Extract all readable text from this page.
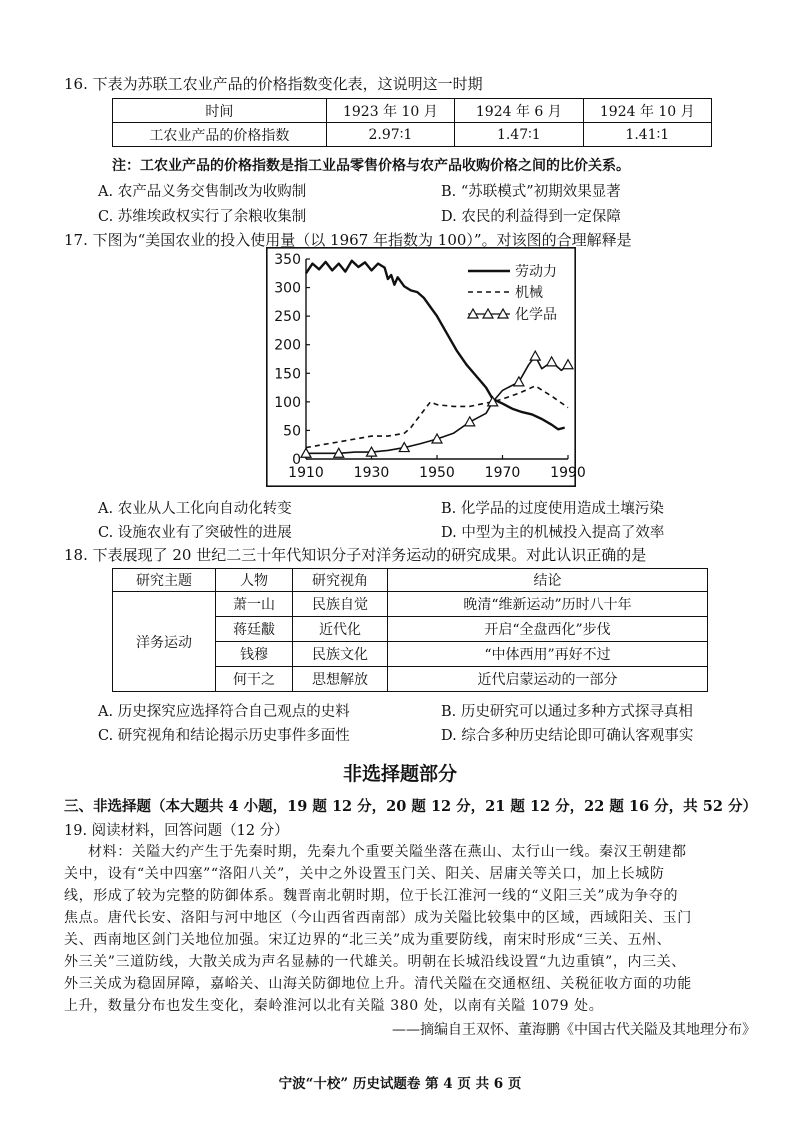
16. 下表为苏联工农业产品的价格指数变化表，这说明这一时期
时间	1923 年 10 月	1924 年 6 月	1924 年 10 月
工农业产品的价格指数	2.97∶1	1.47∶1	1.41∶1
注：工农业产品的价格指数是指工业品零售价格与农产品收购价格之间的比价关系。
A. 农产品义务交售制改为收购制	B. “苏联模式”初期效果显著
C. 苏维埃政权实行了余粮收集制	D. 农民的利益得到一定保障
17. 下图为“美国农业的投入使用量（以 1967 年指数为 100）”。对该图的合理解释是
0
50
100
150
200
250
300
350
1910 1930 1950 1970 1990
劳动力
机械
化学品
A. 农业从人工化向自动化转变	B. 化学品的过度使用造成土壤污染
C. 设施农业有了突破性的进展	D. 中型为主的机械投入提高了效率
18. 下表展现了 20 世纪二三十年代知识分子对洋务运动的研究成果。对此认识正确的是
研究主题	人物	研究视角	结论
洋务运动	萧一山	民族自觉	晚清“维新运动”历时八十年
	蒋廷黻	近代化	开启“全盘西化”步伐
	钱穆	民族文化	“中体西用”再好不过
	何干之	思想解放	近代启蒙运动的一部分
A. 历史探究应选择符合自己观点的史料	B. 历史研究可以通过多种方式探寻真相
C. 研究视角和结论揭示历史事件多面性	D. 综合多种历史结论即可确认客观事实
非选择题部分
三、非选择题（本大题共 4 小题，19 题 12 分，20 题 12 分，21 题 12 分，22 题 16 分，共 52 分）
19. 阅读材料，回答问题（12 分）
材料：关隘大约产生于先秦时期，先秦九个重要关隘坐落在燕山、太行山一线。秦汉王朝建都
关中，设有“关中四塞”“洛阳八关”，关中之外设置玉门关、阳关、居庸关等关口，加上长城防
线，形成了较为完整的防御体系。魏晋南北朝时期，位于长江淮河一线的“义阳三关”成为争夺的
焦点。唐代长安、洛阳与河中地区（今山西省西南部）成为关隘比较集中的区域，西域阳关、玉门
关、西南地区剑门关地位加强。宋辽边界的“北三关”成为重要防线，南宋时形成“三关、五州、
外三关”三道防线，大散关成为声名显赫的一代雄关。明朝在长城沿线设置“九边重镇”，内三关、
外三关成为稳固屏障，嘉峪关、山海关防御地位上升。清代关隘在交通枢纽、关税征收方面的功能
上升，数量分布也发生变化，秦岭淮河以北有关隘 380 处，以南有关隘 1079 处。
——摘编自王双怀、董海鹏《中国古代关隘及其地理分布》
宁波“十校” 历史试题卷 第 4 页 共 6 页
